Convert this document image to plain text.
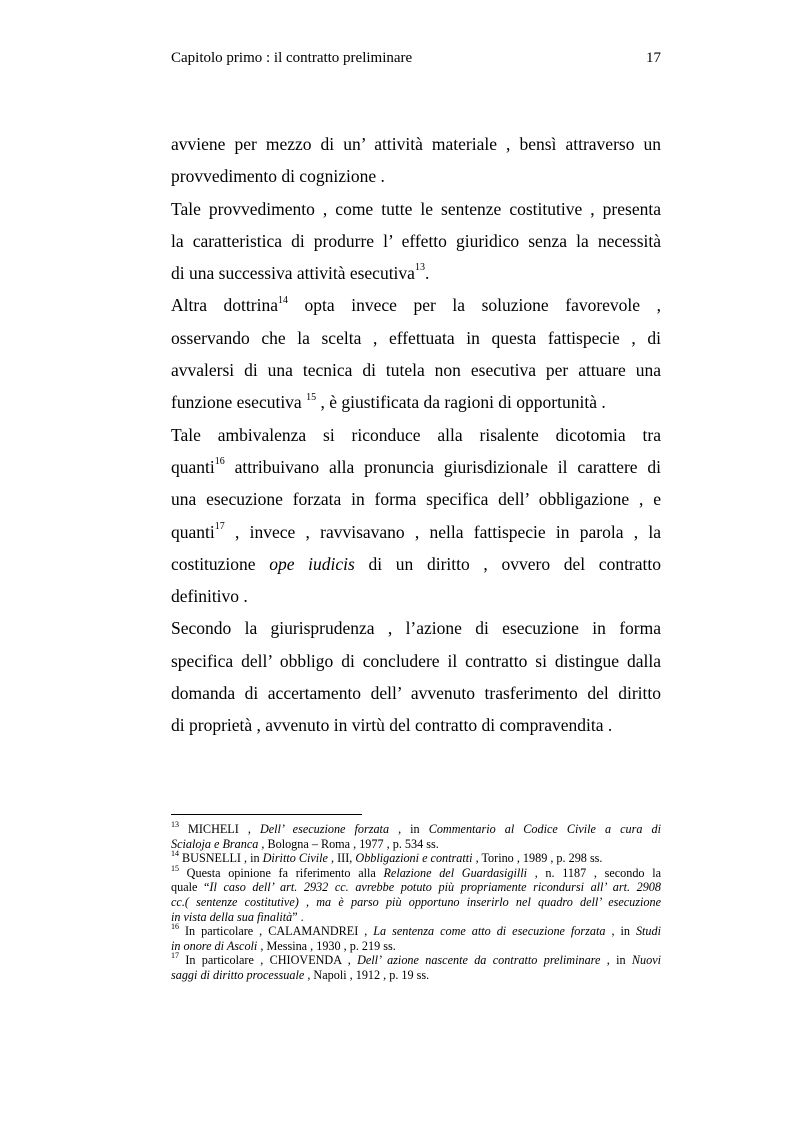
Capitolo primo : il contratto preliminare	17
avviene per mezzo di un’ attività materiale , bensì attraverso un
provvedimento di cognizione .
Tale provvedimento , come tutte le sentenze costitutive , presenta
la caratteristica di produrre l’ effetto giuridico senza la necessità
di una successiva attività esecutiva$^{13}$.
Altra dottrina$^{14}$ opta invece per la soluzione favorevole ,
osservando che la scelta , effettuata in questa fattispecie , di
avvalersi di una tecnica di tutela non esecutiva per attuare una
funzione esecutiva $^{15}$ , è giustificata da ragioni di opportunità .
Tale ambivalenza si riconduce alla risalente dicotomia tra
quanti$^{16}$ attribuivano alla pronuncia giurisdizionale il carattere di
una esecuzione forzata in forma specifica dell’ obbligazione , e
quanti$^{17}$ , invece , ravvisavano , nella fattispecie in parola , la
costituzione ope iudicis di un diritto , ovvero del contratto
definitivo .
Secondo la giurisprudenza , l’azione di esecuzione in forma
specifica dell’ obbligo di concludere il contratto si distingue dalla
domanda di accertamento dell’ avvenuto trasferimento del diritto
di proprietà , avvenuto in virtù del contratto di compravendita .
$^{13}$ MICHELI , Dell’ esecuzione forzata , in Commentario al Codice Civile a cura di
Scialoja e Branca , Bologna – Roma , 1977 , p. 534 ss.
$^{14}$ BUSNELLI , in Diritto Civile , III, Obbligazioni e contratti , Torino , 1989 , p. 298 ss.
$^{15}$ Questa opinione fa riferimento alla Relazione del Guardasigilli , n. 1187 , secondo la
quale “Il caso dell’ art. 2932 cc. avrebbe potuto più propriamente ricondursi all’ art. 2908
cc.( sentenze costitutive) , ma è parso più opportuno inserirlo nel quadro dell’ esecuzione
in vista della sua finalità” .
$^{16}$ In particolare , CALAMANDREI , La sentenza come atto di esecuzione forzata , in Studi
in onore di Ascoli , Messina , 1930 , p. 219 ss.
$^{17}$ In particolare , CHIOVENDA , Dell’ azione nascente da contratto preliminare , in Nuovi
saggi di diritto processuale , Napoli , 1912 , p. 19 ss.
